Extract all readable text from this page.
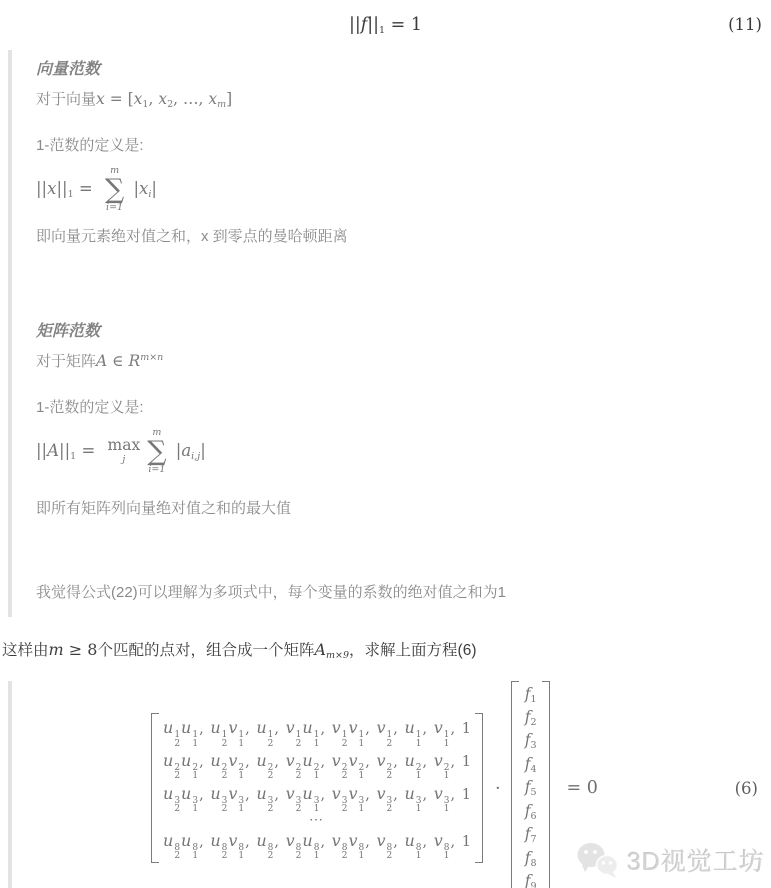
$||f||_1 = 1$	(11)
向量范数

对于向量$x = [x_1$, $x_2$, …, $x_m$]

1-范数的定义是:

$||x||_1$ =
m
∑
i=1
$|x_i|$

即向量元素绝对值之和，x 到零点的曼哈顿距离

矩阵范数

对于矩阵A ∈ $R^{m\times n}$

1-范数的定义是:

$||A||_1 = \max$
j
m
∑
i=1
$|a_{i,j}|$

即所有矩阵列向量绝对值之和的最大值

我觉得公式(22)可以理解为多项式中，每个变量的系数的绝对值之和为1

这样由m ≥ 8个匹配的点对，组合成一个矩阵$A_{m\times 9}$，求解上面方程(6)

u 1
2
u 1
1
, u 1
2
v 1
1
, u 1
2
, v 1
2
u 1
1
, v 1
2
v 1
1
, v 1
2
, u 1
1
, v 1
1
, 1
u 2
2
u 2
1
, u 2
2
v 2
1
, u 2
2
, v 2
2
u 2
1
, v 2
2
v 2
1
, v 2
2
, u 2
1
, v 2
1
, 1
u 3
2
u 3
1
, u 3
2
v 3
1
, u 3
2
, v 3
2
u 3
1
, v 3
2
v 3
1
, v 3
2
, u 3
1
, v 3
1
, 1
⋯
u 8
2
u 8
1
, u 8
2
v 8
1
, u 8
2
, v 8
2
u 8
1
, v 8
2
v 8
1
, v 8
2
, u 8
1
, v 8
1
, 1
·
$f_1$
$f_2$
$f_3$
$f_4$
$f_5$
$f_6$
$f_7$
$f_8$
$f_9$
= 0	(6)
3D视觉工坊
